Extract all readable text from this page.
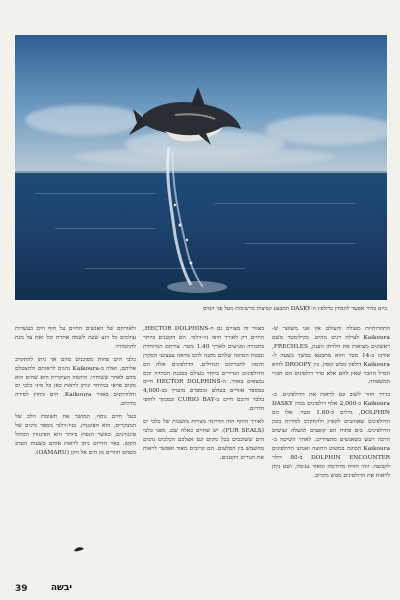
ביום בהיר אפשר להבחין בדולפין ה-DASKY המבצע קפיצות מרשימות מעל פני המים

התחרותיות מעולה והעולם אין אני משוער ש-Kaikoura לעילת דגים מהים. בקילומטר משם ראשונים מציאות את הלויתן הענק, FRECHLES, אורכו כ-14 מטר והוא מתבטא במשך כשעה ל-Kaikoura דולפין ממש קופץ. בין DROOPY להיא הבדל ההבר שאין להם אלא סדר דולפינים הם חברי המשפחה.

בדרך חוזר לשוב וגם לראות את הדולפינים. ב-Kaikoura כ-2,000 אלף דולפינים ממין DASKY DOLPHIN, גדלים כ-1.60 מטר. אלו הם הדולפינים שאוהבים לקפוץ ולהתקרב לסירות בזמן הדולפינים. בים פתוח הם קופצים למעלה ועושים הרבה רעש כשאנשים מהצדדים. לאחר השיטה ב-Kaikoura הכוונה במשוט החוצה ואנחנו הדולפינים DOLPHIN ENCOUNTER ב-80 דולר לקבוצה. זוהי חוויה מדהימה ומאוד נעימה, ושם ניתן לראות את הדולפינים ממש מקרוב.

באזור זה מצויים גם ה-HECTOR DOLPHINS, החיים רק לאורך חופי ניו-זילנד. הם הקטנים ביותר בחבורה ומגיעים לאורך 1.40 מטר. צורתם המיוחדת ונבטת המזוגה שלהם מקנה להם מראה צעצועי הסקרן ודומה לחבריהם הגדולים. הדולפינים אלה הם הדולפינים הנדירים ביותר בעולם בסכנת הכחדה והם נמצאים באזור. ה-HECTOR DOLPHINS חיים במספר אזורים בעולם ומספרם מוערך בכ-4,000 בלבד ורובם חיים ב-CURIO BAY ובסמוך לחופי הדרום.

לאורך החוף הזה הדרומי מצויות מושבות של כלבי ים (FUR SEALS). יש שתיים כאלה שם. מפני כלבי הים ששוכבים בכל מקום וגם אצלכם הכלבים נהנים מהשמש בין הסלעים. הם קרובים מאוד ואפשר לראות את הגורים הקטנים.

ולאורתם של האנשים החיים על חוף הים בעשרות עולמים כל רגע שעה לשמה אחרת וכל זאת על מנת להתמודד.

כלבי הים פחות מסוכנים מהם אך ניתן להתקרב אליהם, ואלה ב-Kaikoura נהנים לראותם ולהצטלם מהם לאחר ששוחרו. היוזמה העיקרית היא שהים הוא מקום פראי במיוחד וניתן לראות כאן כל מיני כלבי ים והלוויתנים באזור Kaikoura. הים מחוץ לסירה מדהים.

בעל חיים נוסף, המושך את תשומת הלב של המבקרים, הוא הפינגווין. בניו-זילנד מספר מינים של פינגווינים, כאשר הנפוץ ביותר הוא הפינגווין הכחול הקטן. באיי הדרום ניתן לראות אותם בשעות הערב כשהם חוזרים מן הים אל הקן (OAMARU).

39	יבשה
